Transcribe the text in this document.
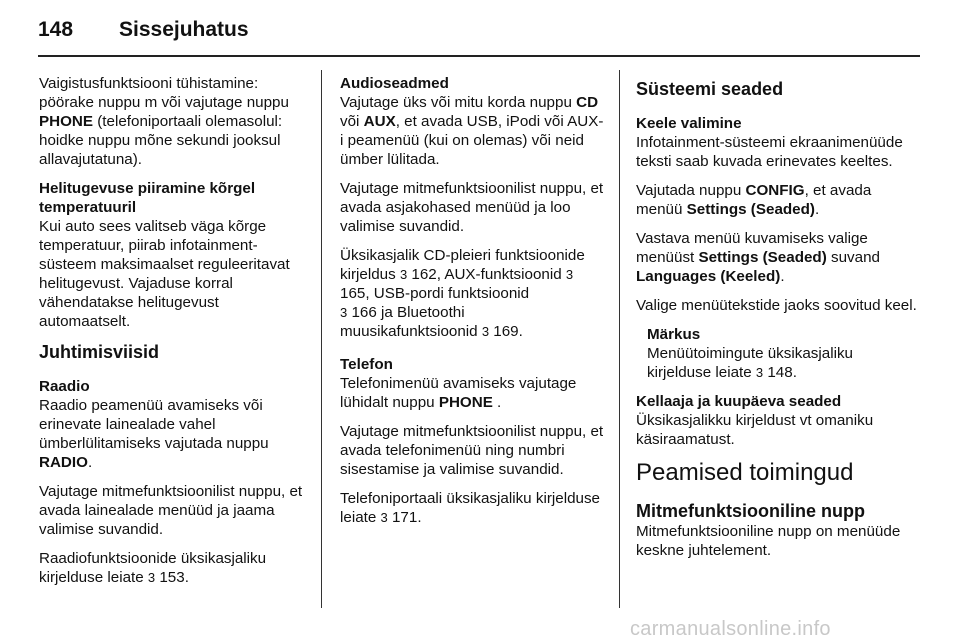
148 Sissejuhatus

Vaigistusfunktsiooni tühistamine: pöörake nuppu m või vajutage nuppu PHONE (telefoniportaali olemasolul: hoidke nuppu mõne sekundi jooksul allavajutatuna).

Helitugevuse piiramine kõrgel temperatuuril

Kui auto sees valitseb väga kõrge temperatuur, piirab infotainment-süsteem maksimaalset reguleeritavat helitugevust. Vajaduse korral vähendatakse helitugevust automaatselt.

Juhtimisviisid
Raadio

Raadio peamenüü avamiseks või erinevate lainealade vahel ümberlülitamiseks vajutada nuppu RADIO.

Vajutage mitmefunktsioonilist nuppu, et avada lainealade menüüd ja jaama valimise suvandid.

Raadiofunktsioonide üksikasjaliku kirjelduse leiate 3 153.

Audioseadmed

Vajutage üks või mitu korda nuppu CD või AUX, et avada USB, iPodi või AUX-i peamenüü (kui on olemas) või neid ümber lülitada.

Vajutage mitmefunktsioonilist nuppu, et avada asjakohased menüüd ja loo valimise suvandid.

Üksikasjalik CD-pleieri funktsioonide kirjeldus 3 162, AUX-funktsioonid 3 165, USB-pordi funktsioonid
3 166 ja Bluetoothi muusikafunktsioonid 3 169.

Telefon

Telefonimenüü avamiseks vajutage lühidalt nuppu PHONE .

Vajutage mitmefunktsioonilist nuppu, et avada telefonimenüü ning numbri sisestamise ja valimise suvandid.

Telefoniportaali üksikasjaliku kirjelduse leiate 3 171.

Süsteemi seaded
Keele valimine

Infotainment-süsteemi ekraanimenüüde teksti saab kuvada erinevates keeltes.

Vajutada nuppu CONFIG, et avada menüü Settings (Seaded).

Vastava menüü kuvamiseks valige menüüst Settings (Seaded) suvand Languages (Keeled).

Valige menüütekstide jaoks soovitud keel.

Märkus
Menüütoimingute üksikasjaliku kirjelduse leiate 3 148.
Kellaaja ja kuupäeva seaded

Üksikasjalikku kirjeldust vt omaniku käsiraamatust.

Peamised toimingud
Mitmefunktsiooniline nupp

Mitmefunktsiooniline nupp on menüüde keskne juhtelement.

carmanualsonline.info
